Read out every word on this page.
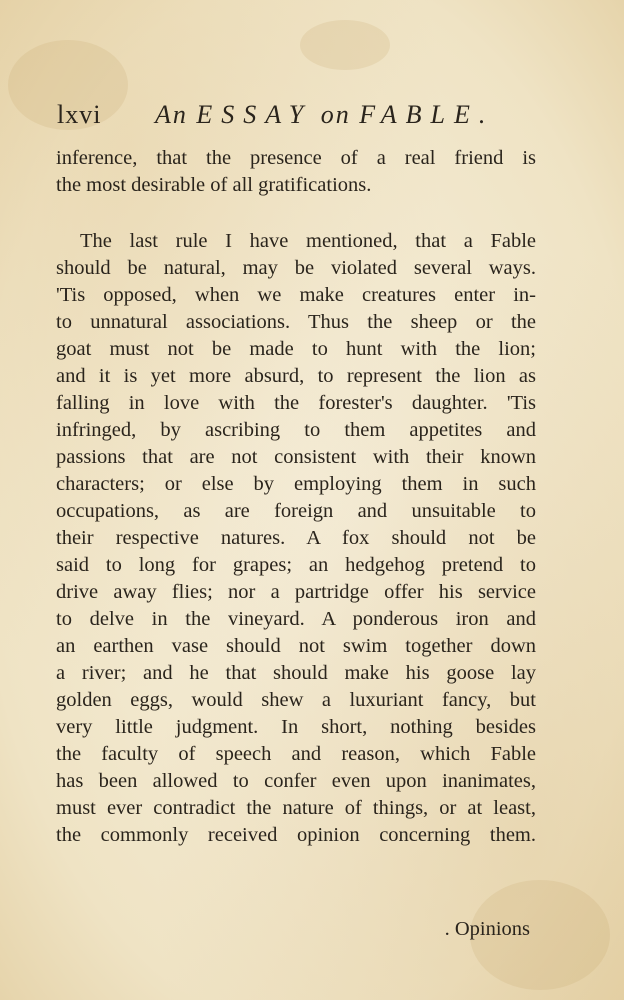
lxvi An ESSAY on FABLE.
inference, that the presence of a real friend is
the most desirable of all gratifications.
The last rule I have mentioned, that a Fable
should be natural, may be violated several ways.
'Tis opposed, when we make creatures enter in-
to unnatural associations. Thus the sheep or the
goat must not be made to hunt with the lion;
and it is yet more absurd, to represent the lion as
falling in love with the forester's daughter. 'Tis
infringed, by ascribing to them appetites and
passions that are not consistent with their known
characters; or else by employing them in such
occupations, as are foreign and unsuitable to
their respective natures. A fox should not be
said to long for grapes; an hedgehog pretend to
drive away flies; nor a partridge offer his service
to delve in the vineyard. A ponderous iron and
an earthen vase should not swim together down
a river; and he that should make his goose lay
golden eggs, would shew a luxuriant fancy, but
very little judgment. In short, nothing besides
the faculty of speech and reason, which Fable
has been allowed to confer even upon inanimates,
must ever contradict the nature of things, or at least,
the commonly received opinion concerning them.
. Opinions
